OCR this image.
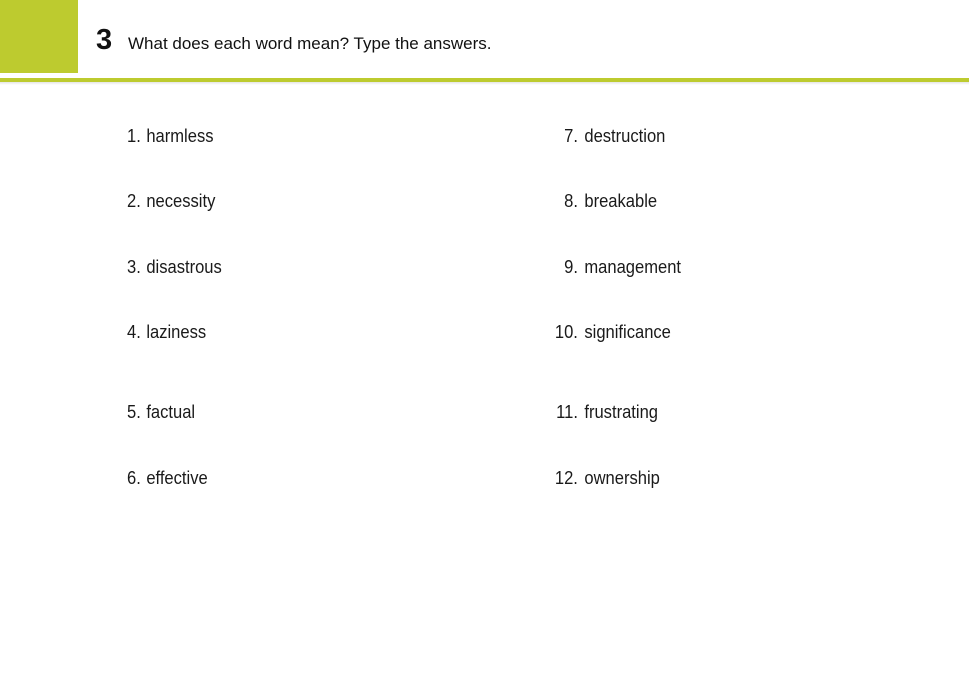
3 What does each word mean? Type the answers.
1. harmless
2. necessity
3. disastrous
4. laziness
5. factual
6. effective
7. destruction
8. breakable
9. management
10. significance
11. frustrating
12. ownership
